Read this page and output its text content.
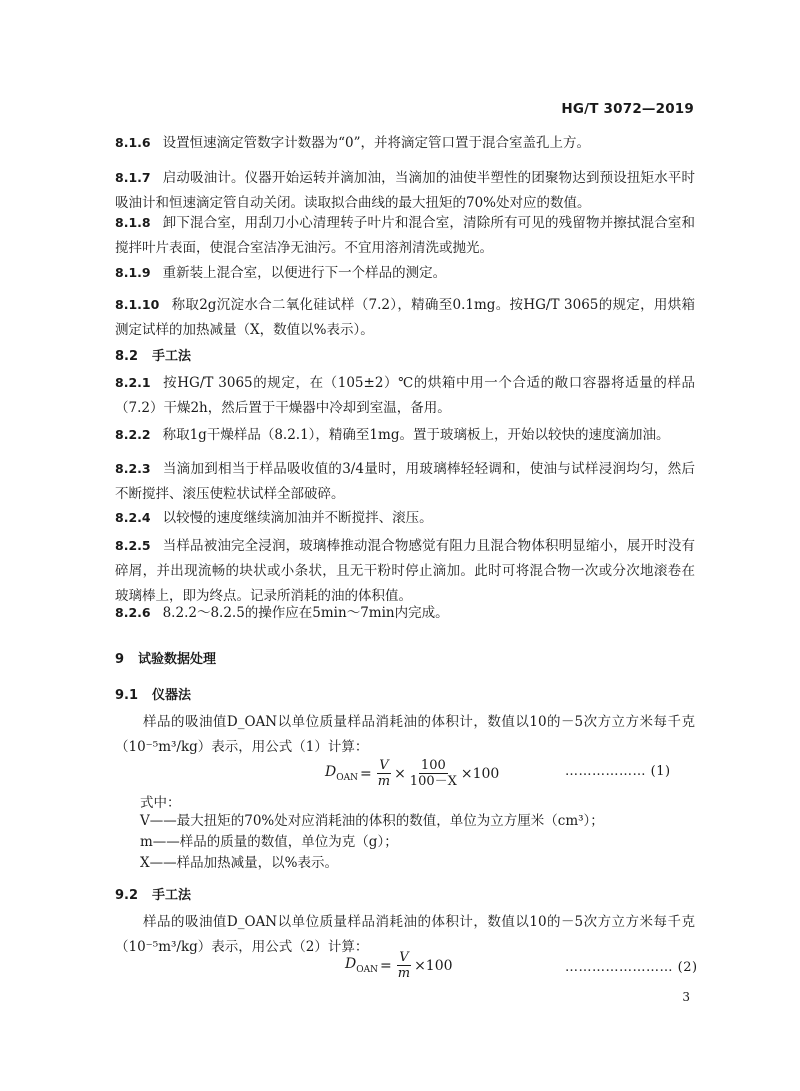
HG/T 3072—2019
8.1.6 设置恒速滴定管数字计数器为“0”，并将滴定管口置于混合室盖孔上方。
8.1.7 启动吸油计。仪器开始运转并滴加油，当滴加的油使半塑性的团聚物达到预设扭矩水平时吸油计和恒速滴定管自动关闭。读取拟合曲线的最大扭矩的70%处对应的数值。
8.1.8 卸下混合室，用刮刀小心清理转子叶片和混合室，清除所有可见的残留物并擦拭混合室和搅拌叶片表面，使混合室洁净无油污。不宜用溶剂清洗或抛光。
8.1.9 重新装上混合室，以便进行下一个样品的测定。
8.1.10 称取2g沉淀水合二氧化硅试样（7.2），精确至0.1mg。按HG/T 3065的规定，用烘箱测定试样的加热减量（X，数值以%表示）。
8.2 手工法
8.2.1 按HG/T 3065的规定，在（105±2）℃的烘箱中用一个合适的敞口容器将适量的样品（7.2）干燥2h，然后置于干燥器中冷却到室温，备用。
8.2.2 称取1g干燥样品（8.2.1），精确至1mg。置于玻璃板上，开始以较快的速度滴加油。
8.2.3 当滴加到相当于样品吸收值的3/4量时，用玻璃棒轻轻调和，使油与试样浸润均匀，然后不断搅拌、滚压使粒状试样全部破碎。
8.2.4 以较慢的速度继续滴加油并不断搅拌、滚压。
8.2.5 当样品被油完全浸润，玻璃棒推动混合物感觉有阻力且混合物体积明显缩小，展开时没有碎屑，并出现流畅的块状或小条状，且无干粉时停止滴加。此时可将混合物一次或分次地滚卷在玻璃棒上，即为终点。记录所消耗的油的体积值。
8.2.6 8.2.2～8.2.5的操作应在5min～7min内完成。
9 试验数据处理
9.1 仪器法
样品的吸油值D_OAN以单位质量样品消耗油的体积计，数值以10的－5次方立方米每千克（10⁻⁵m³/kg）表示，用公式（1）计算：
$D_{OAN} = \frac{V}{m} \times \frac{100}{100-X} \times 100$	……………… (1)
式中：
V——最大扭矩的70%处对应消耗油的体积的数值，单位为立方厘米（cm³）；
m——样品的质量的数值，单位为克（g）；
X——样品加热减量，以%表示。
9.2 手工法
样品的吸油值D_OAN以单位质量样品消耗油的体积计，数值以10的－5次方立方米每千克（10⁻⁵m³/kg）表示，用公式（2）计算：
$D_{OAN} = \frac{V}{m} \times 100$	…………………… (2)
3
